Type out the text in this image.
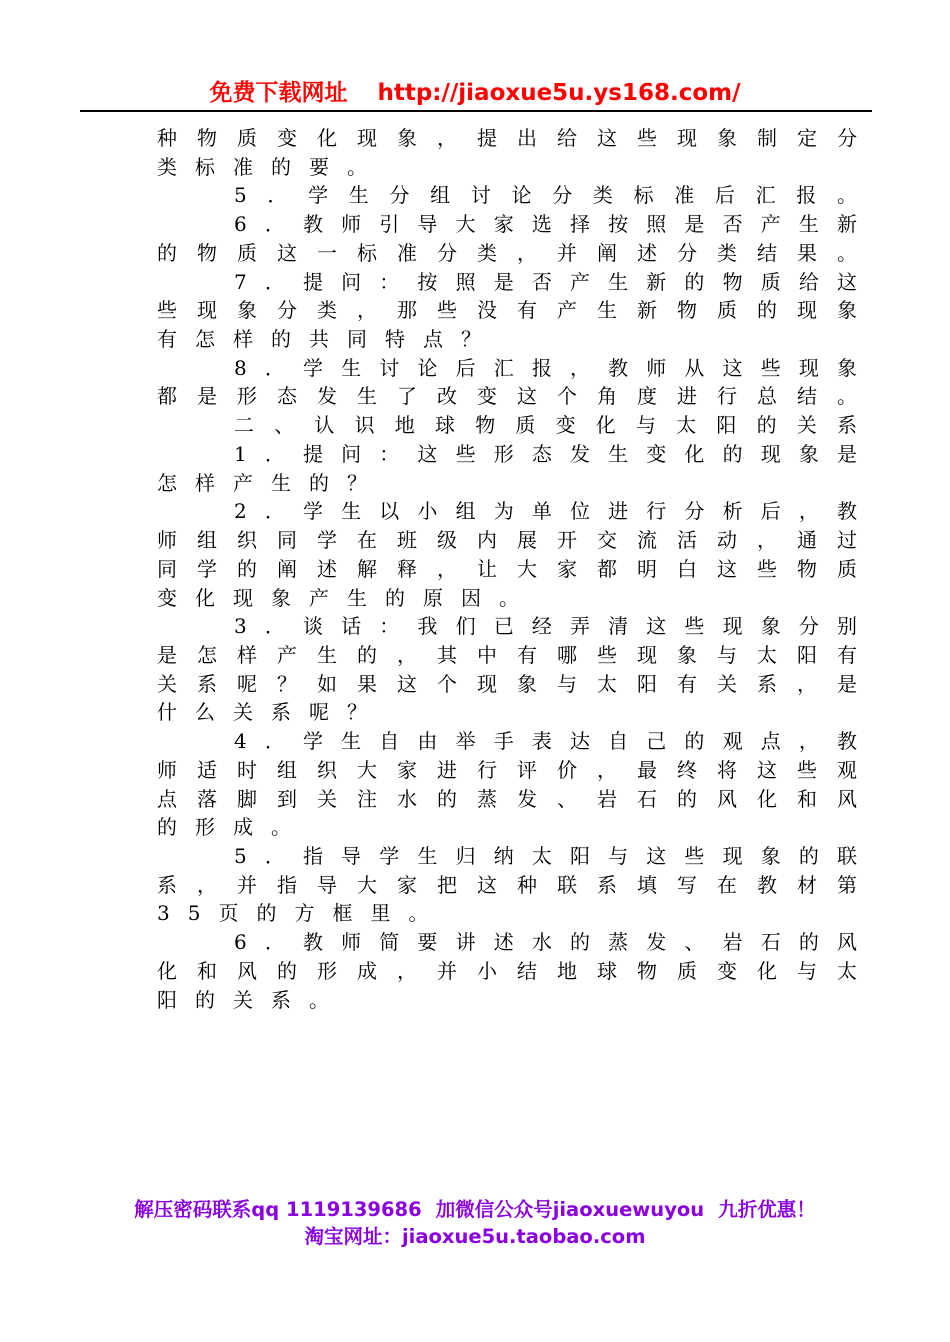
免费下载网址 http://jiaoxue5u.ys168.com/
种物质变化现象，提出给这些现象制定分
类标准的要。
5．学生分组讨论分类标准后汇报。
6．教师引导大家选择按照是否产生新
的物质这一标准分类，并阐述分类结果。
7．提问：按照是否产生新的物质给这
些现象分类，那些没有产生新物质的现象
有怎样的共同特点？
8．学生讨论后汇报，教师从这些现象
都是形态发生了改变这个角度进行总结。
二、认识地球物质变化与太阳的关系
1．提问：这些形态发生变化的现象是
怎样产生的？
2．学生以小组为单位进行分析后，教
师组织同学在班级内展开交流活动，通过
同学的阐述解释，让大家都明白这些物质
变化现象产生的原因。
3．谈话：我们已经弄清这些现象分别
是怎样产生的，其中有哪些现象与太阳有
关系呢？如果这个现象与太阳有关系，是
什么关系呢？
4．学生自由举手表达自己的观点，教
师适时组织大家进行评价，最终将这些观
点落脚到关注水的蒸发、岩石的风化和风
的形成。
5．指导学生归纳太阳与这些现象的联
系，并指导大家把这种联系填写在教材第
35页的方框里。
6．教师简要讲述水的蒸发、岩石的风
化和风的形成，并小结地球物质变化与太
阳的关系。
解压密码联系qq 1119139686 加微信公众号jiaoxuewuyou 九折优惠！
淘宝网址：jiaoxue5u.taobao.com
